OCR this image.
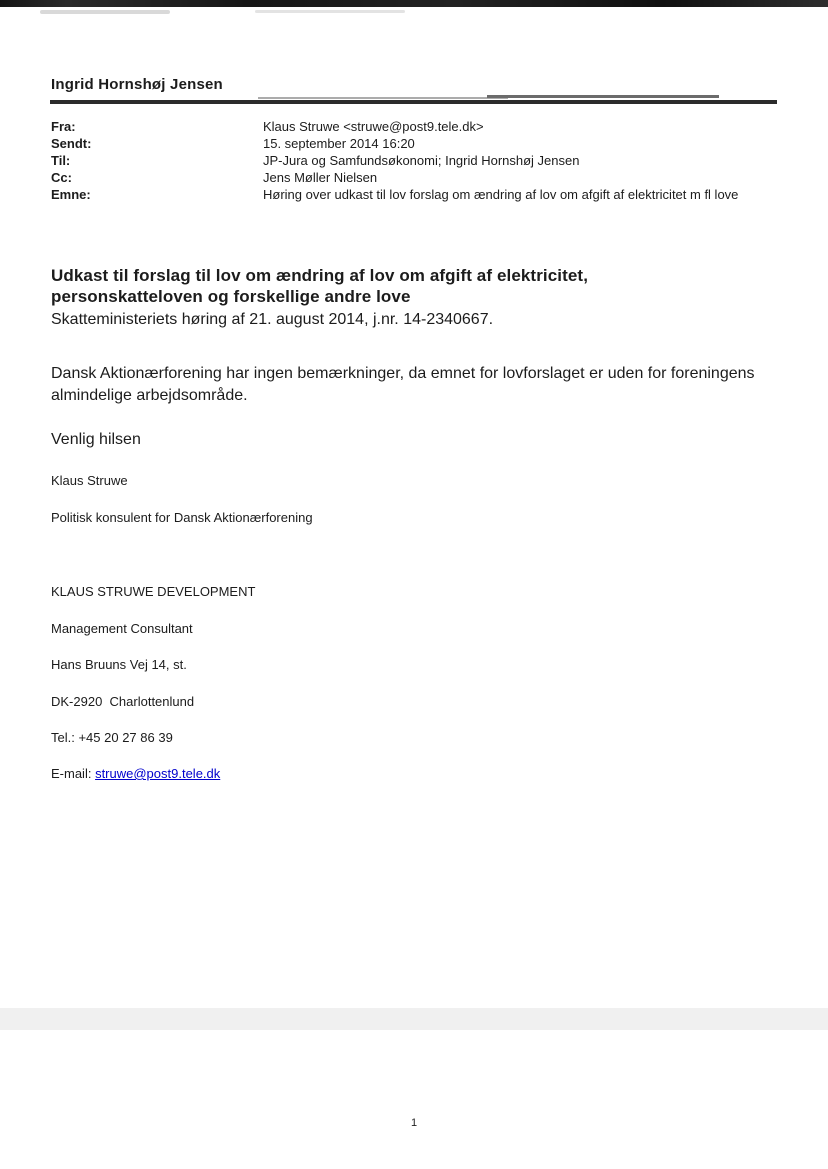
Ingrid Hornshøj Jensen
Fra:	Klaus Struwe <struwe@post9.tele.dk>
Sendt:	15. september 2014 16:20
Til:	JP-Jura og Samfundsøkonomi; Ingrid Hornshøj Jensen
Cc:	Jens Møller Nielsen
Emne:	Høring over udkast til lov forslag om ændring af lov om afgift af elektricitet m fl love
Udkast til forslag til lov om ændring af lov om afgift af elektricitet,
personskatteloven og forskellige andre love
Skatteministeriets høring af 21. august 2014, j.nr. 14-2340667.
Dansk Aktionærforening har ingen bemærkninger, da emnet for lovforslaget er uden for foreningens almindelige arbejdsområde.
Venlig hilsen
Klaus Struwe
Politisk konsulent for Dansk Aktionærforening
KLAUS STRUWE DEVELOPMENT
Management Consultant
Hans Bruuns Vej 14, st.
DK-2920  Charlottenlund
Tel.: +45 20 27 86 39
E-mail: struwe@post9.tele.dk
1
